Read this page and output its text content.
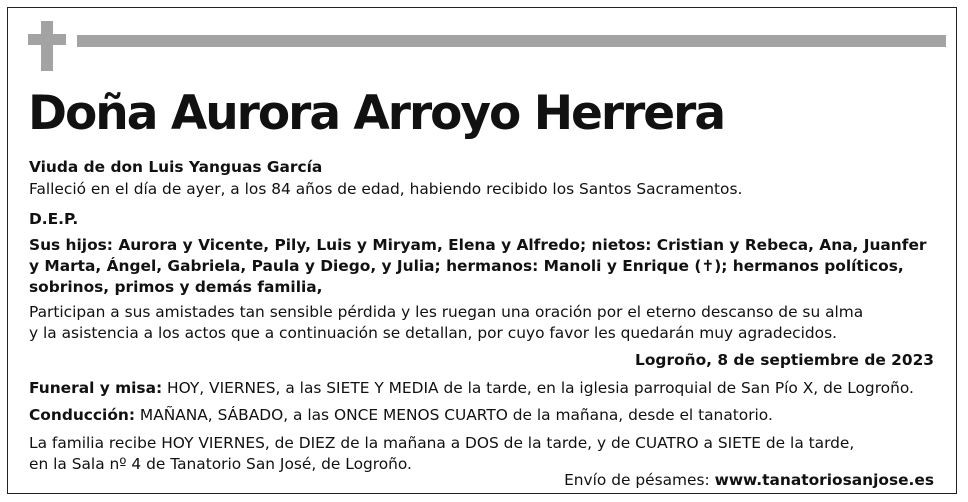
Doña Aurora Arroyo Herrera

Viuda de don Luis Yanguas García

Falleció en el día de ayer, a los 84 años de edad, habiendo recibido los Santos Sacramentos.

D.E.P.

Sus hijos: Aurora y Vicente, Pily, Luis y Miryam, Elena y Alfredo; nietos: Cristian y Rebeca, Ana, Juanfer

y Marta, Ángel, Gabriela, Paula y Diego, y Julia; hermanos: Manoli y Enrique (✝); hermanos políticos,

sobrinos, primos y demás familia,

Participan a sus amistades tan sensible pérdida y les ruegan una oración por el eterno descanso de su alma

y la asistencia a los actos que a continuación se detallan, por cuyo favor les quedarán muy agradecidos.

Logroño, 8 de septiembre de 2023

Funeral y misa: HOY, VIERNES, a las SIETE Y MEDIA de la tarde, en la iglesia parroquial de San Pío X, de Logroño.

Conducción: MAÑANA, SÁBADO, a las ONCE MENOS CUARTO de la mañana, desde el tanatorio.

La familia recibe HOY VIERNES, de DIEZ de la mañana a DOS de la tarde, y de CUATRO a SIETE de la tarde,

en la Sala nº 4 de Tanatorio San José, de Logroño.

Envío de pésames: www.tanatoriosanjose.es
